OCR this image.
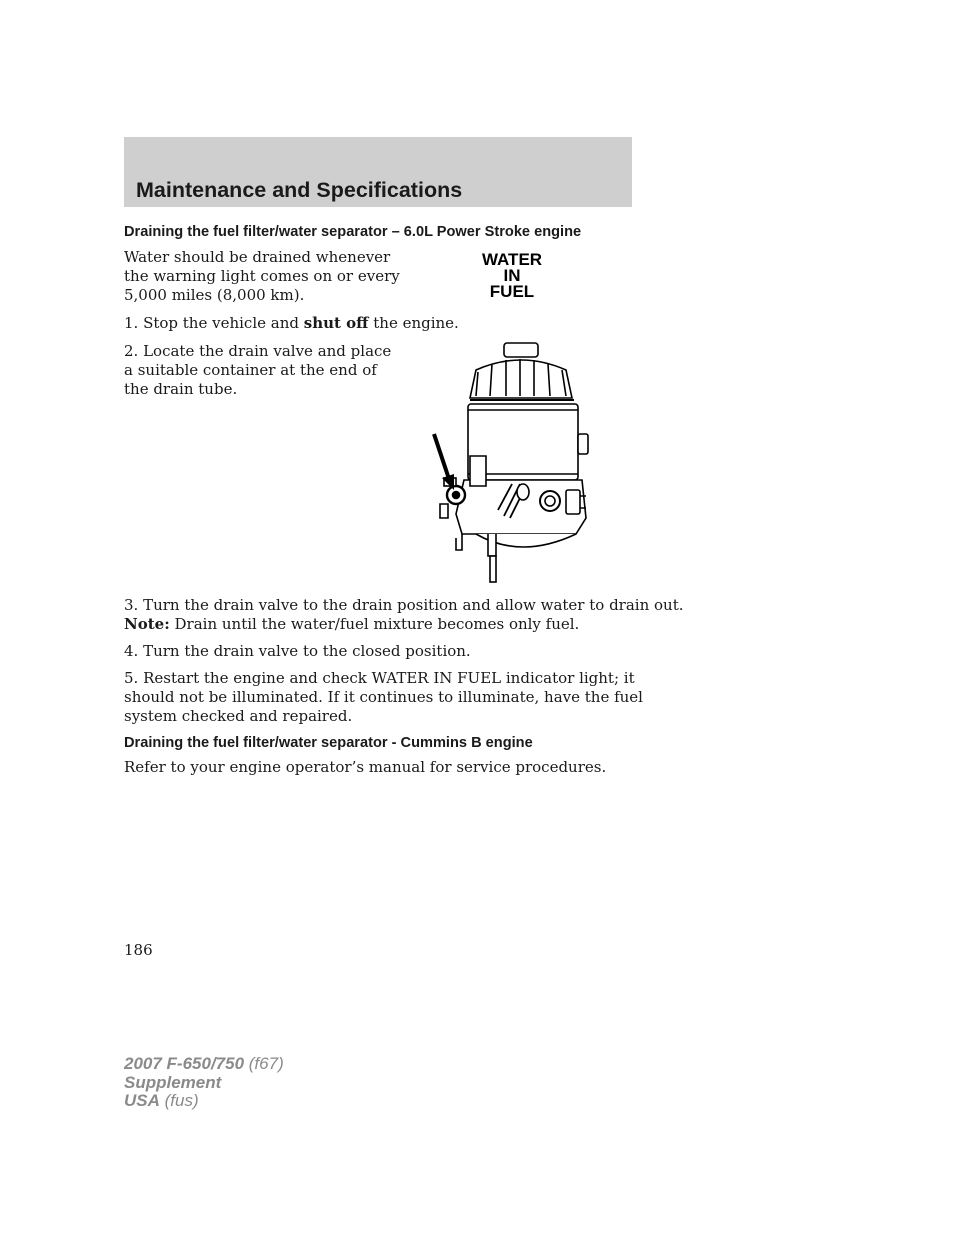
Maintenance and Specifications
Draining the fuel filter/water separator – 6.0L Power Stroke engine

Water should be drained whenever
the warning light comes on or every
5,000 miles (8,000 km).

WATER
IN
FUEL

1. Stop the vehicle and shut off the engine.

2. Locate the drain valve and place
a suitable container at the end of
the drain tube.

3. Turn the drain valve to the drain position and allow water to drain out.

Note: Drain until the water/fuel mixture becomes only fuel.

4. Turn the drain valve to the closed position.

5. Restart the engine and check WATER IN FUEL indicator light; it
should not be illuminated. If it continues to illuminate, have the fuel
system checked and repaired.

Draining the fuel filter/water separator - Cummins B engine

Refer to your engine operator’s manual for service procedures.

186
2007 F-650/750 (f67)
Supplement
USA (fus)
